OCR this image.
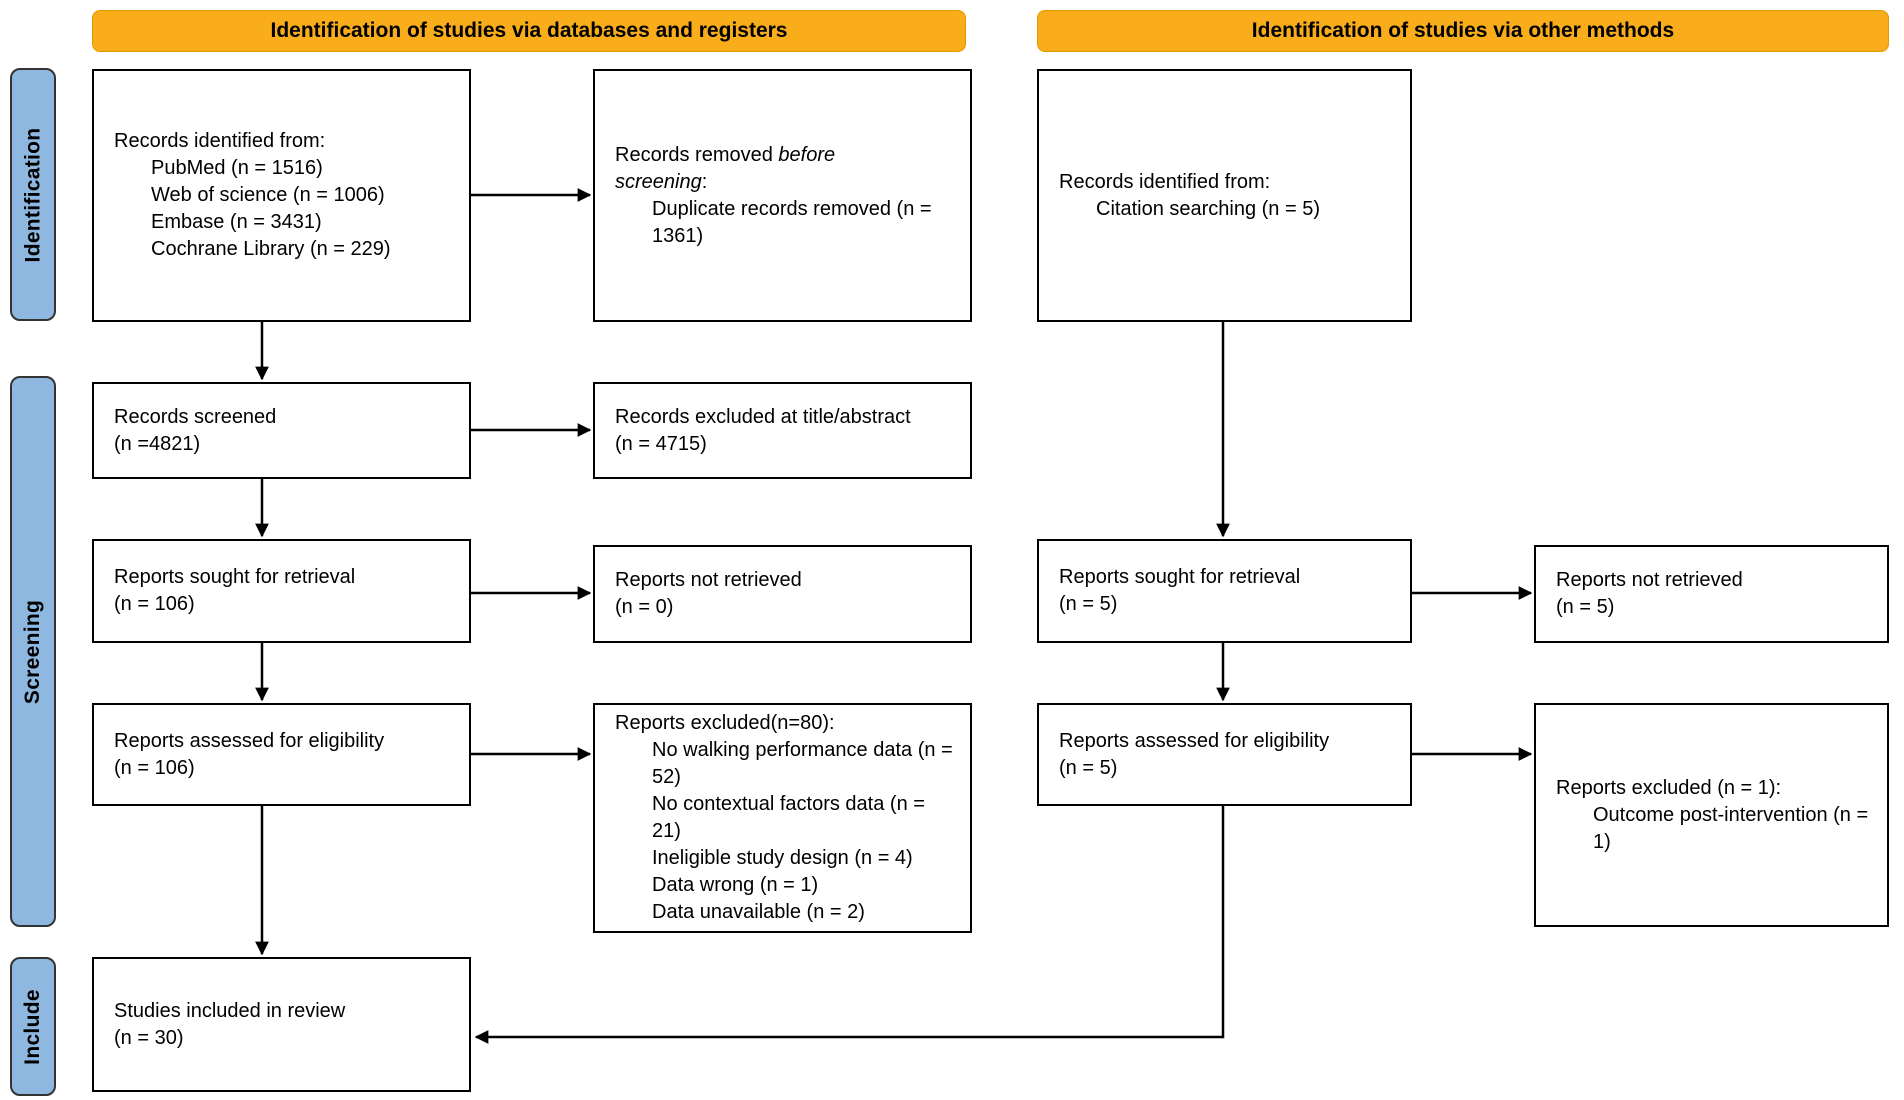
Identification of studies via databases and registers	Identification of studies via other methods
Identification
Screening
Include
Records identified from:
PubMed (n = 1516)
Web of science (n = 1006)
Embase (n = 3431)
Cochrane Library (n = 229)
Records screened
(n =4821)
Reports sought for retrieval
(n = 106)
Reports assessed for eligibility
(n = 106)
Studies included in review
(n = 30)
Records removed before
screening:
Duplicate records removed (n = 1361)
Records excluded at title/abstract
(n = 4715)
Reports not retrieved
(n = 0)
Reports excluded(n=80):
No walking performance data (n = 52)
No contextual factors data (n = 21)
Ineligible study design (n = 4)
Data wrong (n = 1)
Data unavailable (n = 2)
Records identified from:
Citation searching (n = 5)
Reports sought for retrieval
(n = 5)
Reports assessed for eligibility
(n = 5)
Reports not retrieved
(n = 5)
Reports excluded (n = 1):
Outcome post-intervention (n = 1)
